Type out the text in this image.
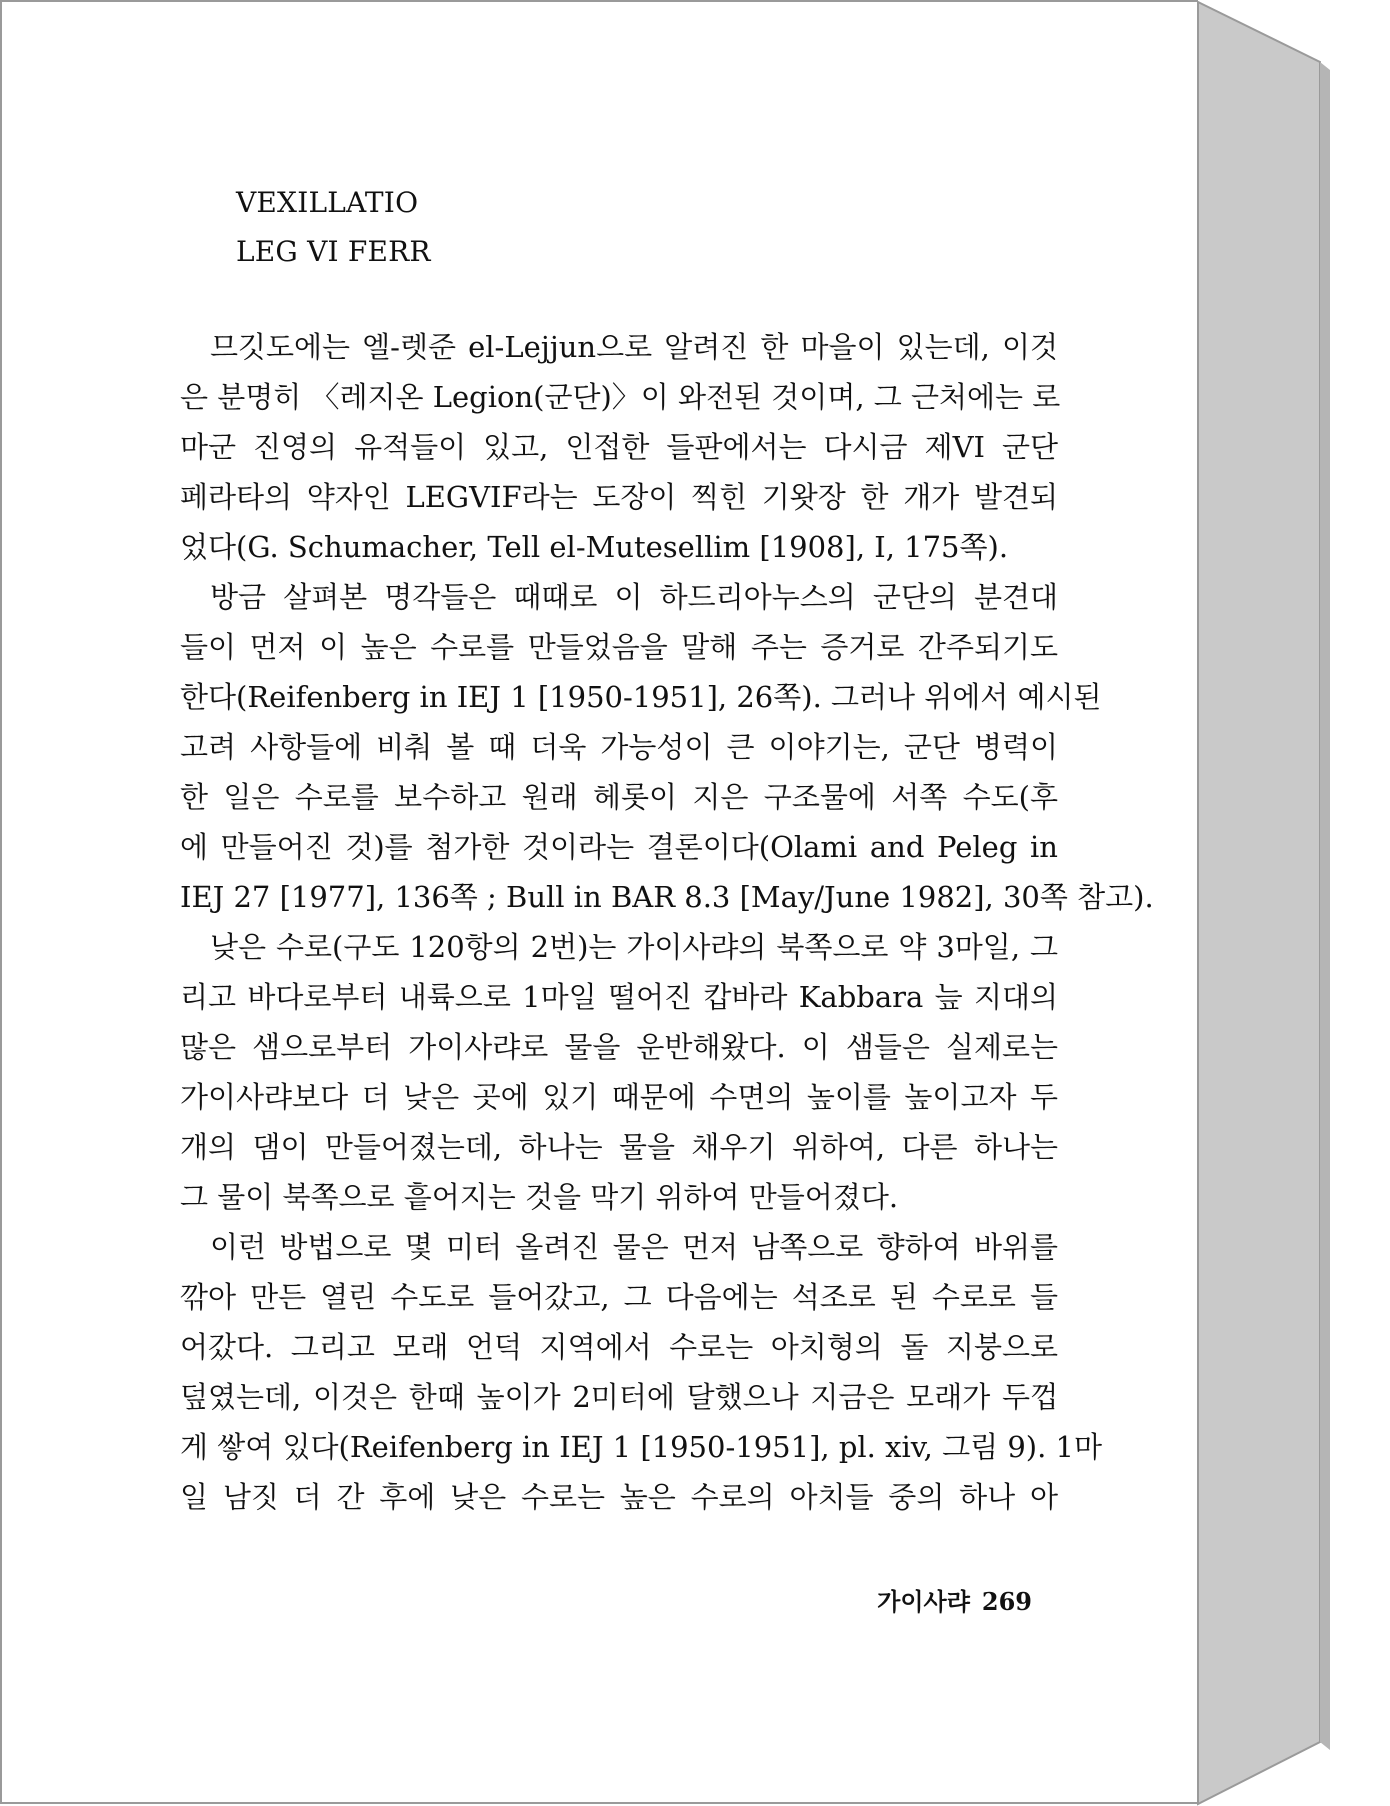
VEXILLATIO
LEG VI FERR
므깃도에는 엘-렛준 el-Lejjun으로 알려진 한 마을이 있는데, 이것
은 분명히 〈레지온 Legion(군단)〉이 와전된 것이며, 그 근처에는 로
마군 진영의 유적들이 있고, 인접한 들판에서는 다시금 제VI 군단
페라타의 약자인 LEGVIF라는 도장이 찍힌 기왓장 한 개가 발견되
었다(G. Schumacher, Tell el-Mutesellim [1908], I, 175쪽).
방금 살펴본 명각들은 때때로 이 하드리아누스의 군단의 분견대
들이 먼저 이 높은 수로를 만들었음을 말해 주는 증거로 간주되기도
한다(Reifenberg in IEJ 1 [1950-1951], 26쪽). 그러나 위에서 예시된
고려 사항들에 비춰 볼 때 더욱 가능성이 큰 이야기는, 군단 병력이
한 일은 수로를 보수하고 원래 헤롯이 지은 구조물에 서쪽 수도(후
에 만들어진 것)를 첨가한 것이라는 결론이다(Olami and Peleg in
IEJ 27 [1977], 136쪽 ; Bull in BAR 8.3 [May/June 1982], 30쪽 참고).
낮은 수로(구도 120항의 2번)는 가이사랴의 북쪽으로 약 3마일, 그
리고 바다로부터 내륙으로 1마일 떨어진 캅바라 Kabbara 늪 지대의
많은 샘으로부터 가이사랴로 물을 운반해왔다. 이 샘들은 실제로는
가이사랴보다 더 낮은 곳에 있기 때문에 수면의 높이를 높이고자 두
개의 댐이 만들어졌는데, 하나는 물을 채우기 위하여, 다른 하나는
그 물이 북쪽으로 흩어지는 것을 막기 위하여 만들어졌다.
이런 방법으로 몇 미터 올려진 물은 먼저 남쪽으로 향하여 바위를
깎아 만든 열린 수도로 들어갔고, 그 다음에는 석조로 된 수로로 들
어갔다. 그리고 모래 언덕 지역에서 수로는 아치형의 돌 지붕으로
덮였는데, 이것은 한때 높이가 2미터에 달했으나 지금은 모래가 두껍
게 쌓여 있다(Reifenberg in IEJ 1 [1950-1951], pl. xiv, 그림 9). 1마
일 남짓 더 간 후에 낮은 수로는 높은 수로의 아치들 중의 하나 아
가이사랴 269
